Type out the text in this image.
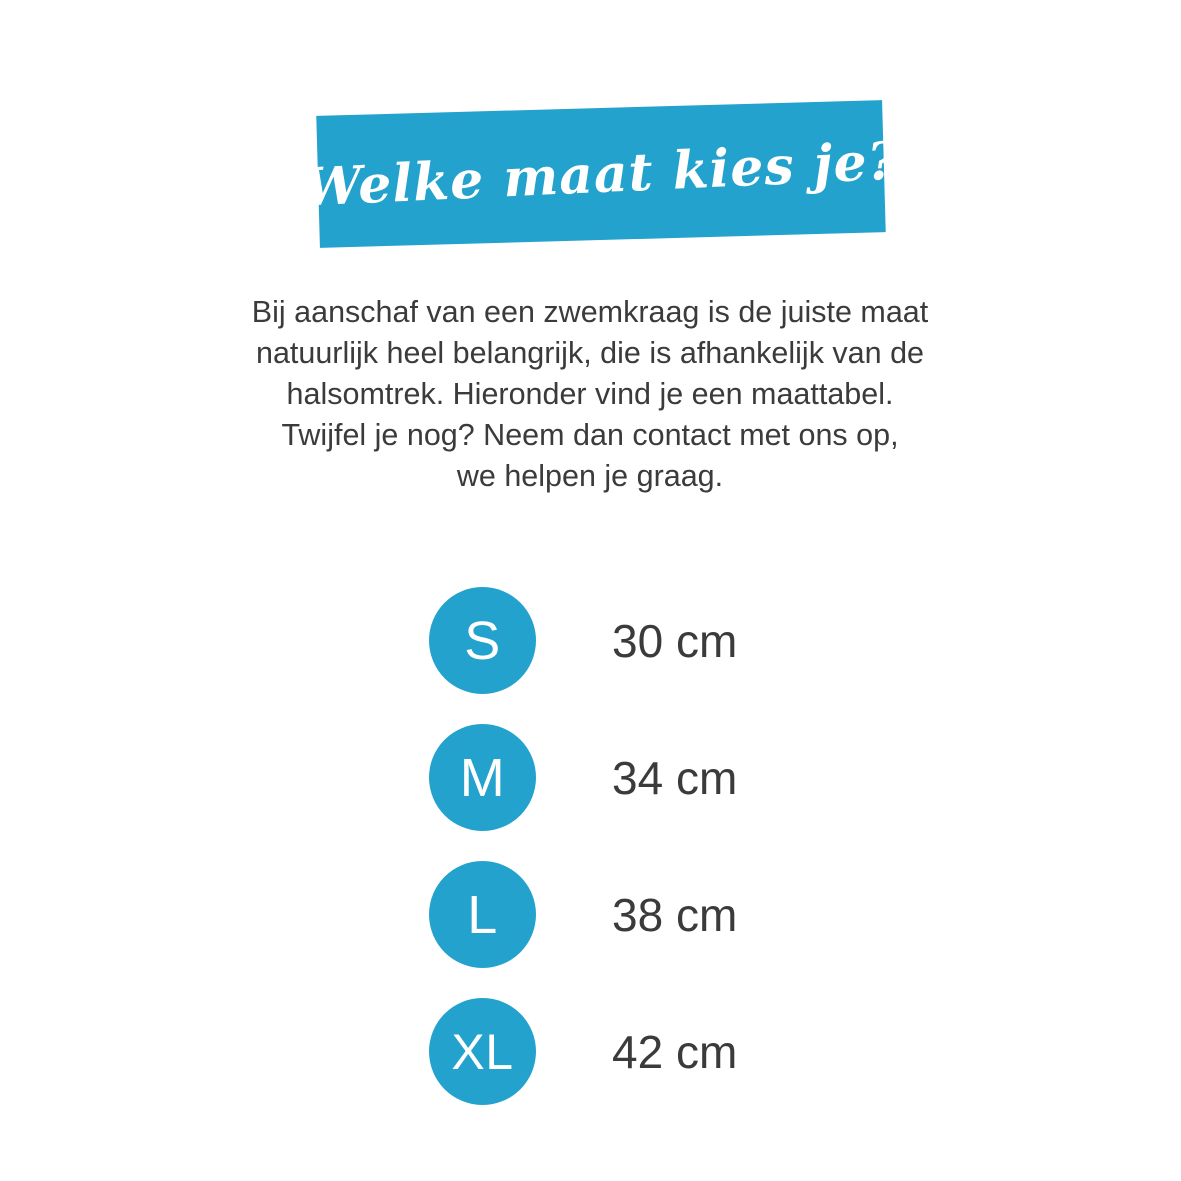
Welke maat kies je?

Bij aanschaf van een zwemkraag is de juiste maat

natuurlijk heel belangrijk, die is afhankelijk van de

halsomtrek. Hieronder vind je een maattabel.

Twijfel je nog? Neem dan contact met ons op,

we helpen je graag.

S	30 cm
M	34 cm
L	38 cm
XL	42 cm
